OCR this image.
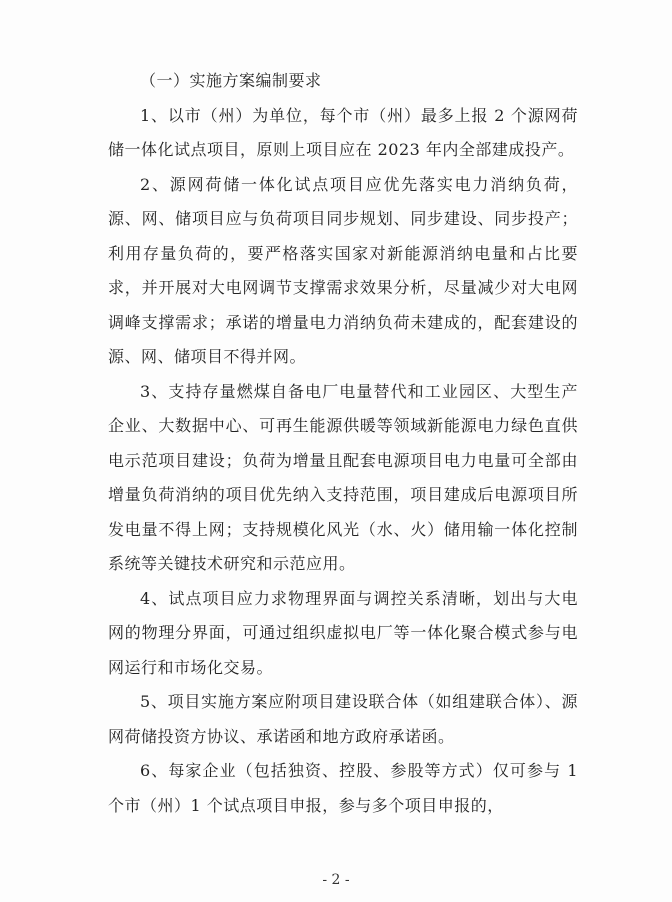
（一）实施方案编制要求

1、以市（州）为单位，每个市（州）最多上报 2 个源网荷储一体化试点项目，原则上项目应在 2023 年内全部建成投产。

2、源网荷储一体化试点项目应优先落实电力消纳负荷，源、网、储项目应与负荷项目同步规划、同步建设、同步投产；利用存量负荷的，要严格落实国家对新能源消纳电量和占比要求，并开展对大电网调节支撑需求效果分析，尽量减少对大电网调峰支撑需求；承诺的增量电力消纳负荷未建成的，配套建设的源、网、储项目不得并网。

3、支持存量燃煤自备电厂电量替代和工业园区、大型生产企业、大数据中心、可再生能源供暖等领域新能源电力绿色直供电示范项目建设；负荷为增量且配套电源项目电力电量可全部由增量负荷消纳的项目优先纳入支持范围，项目建成后电源项目所发电量不得上网；支持规模化风光（水、火）储用输一体化控制系统等关键技术研究和示范应用。

4、试点项目应力求物理界面与调控关系清晰，划出与大电网的物理分界面，可通过组织虚拟电厂等一体化聚合模式参与电网运行和市场化交易。

5、项目实施方案应附项目建设联合体（如组建联合体）、源网荷储投资方协议、承诺函和地方政府承诺函。

6、每家企业（包括独资、控股、参股等方式）仅可参与 1 个市（州）1 个试点项目申报，参与多个项目申报的，

- 2 -
